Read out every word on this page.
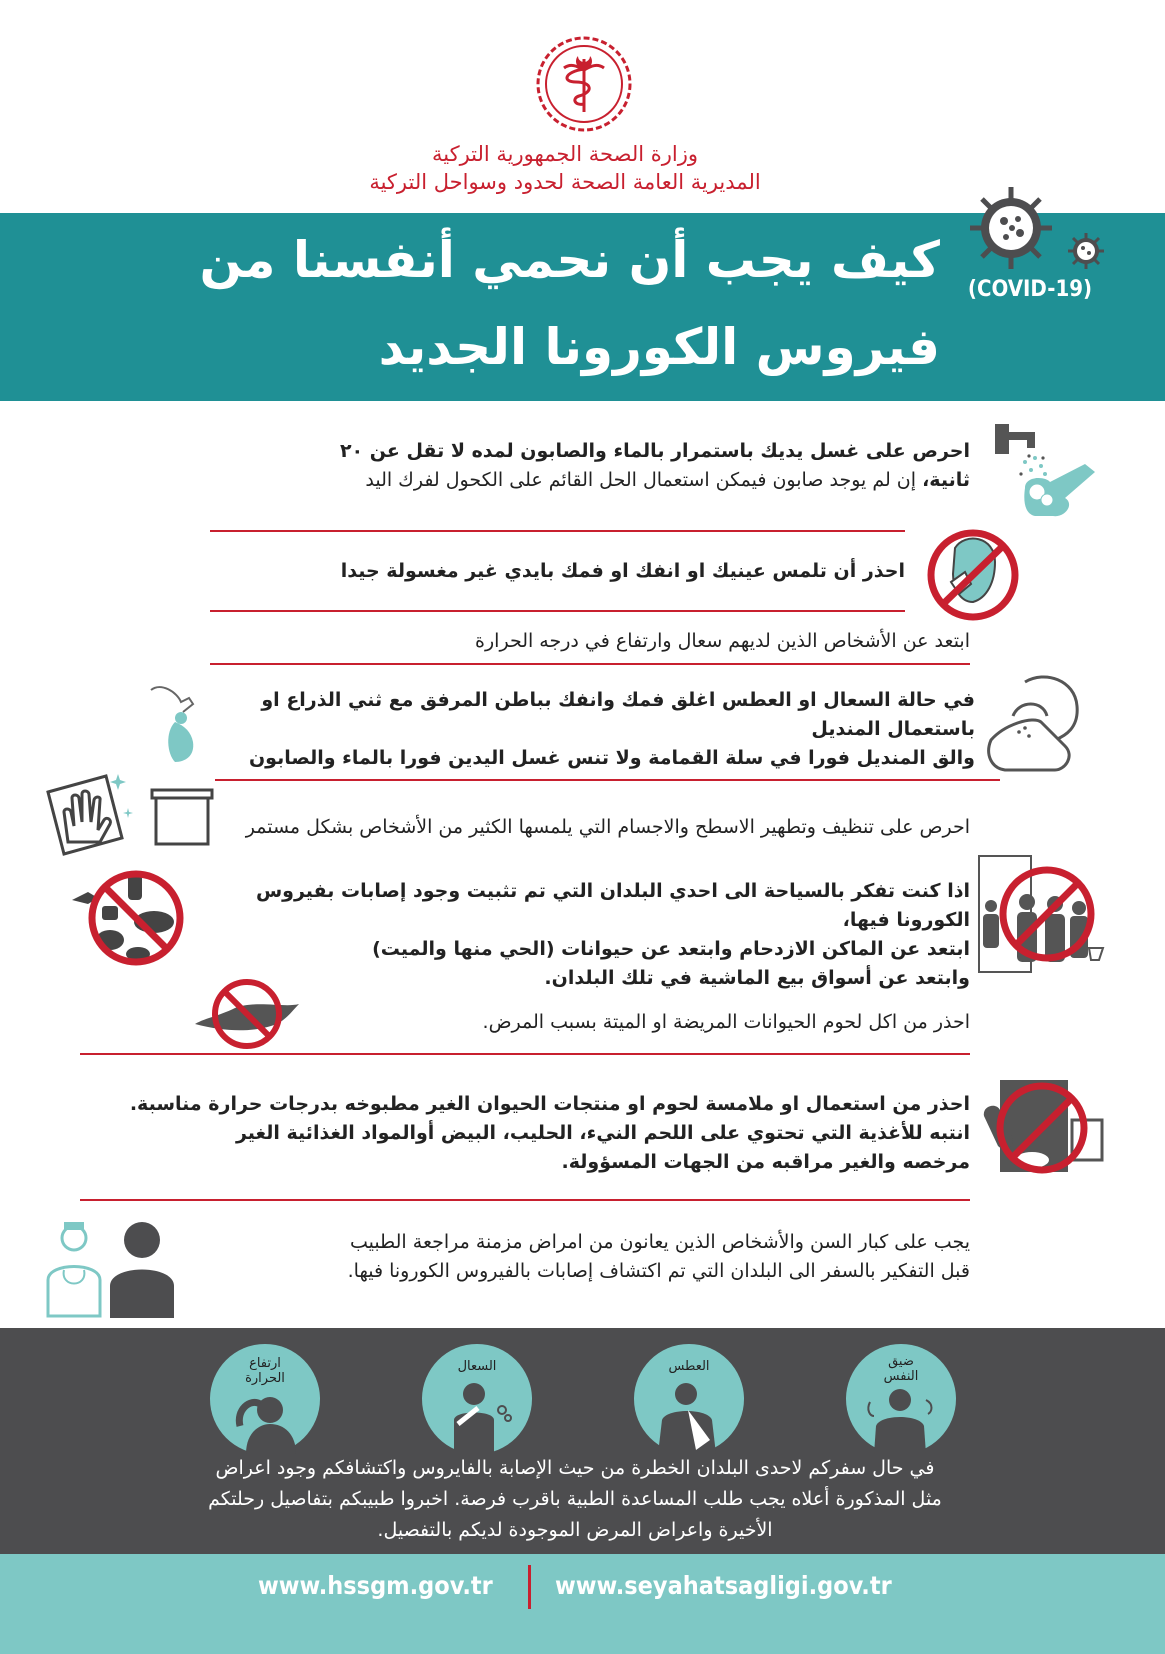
وزارة الصحة الجمهورية التركية
المديرية العامة الصحة لحدود وسواحل التركية
كيف يجب أن نحمي أنفسنا من
فيروس الكورونا الجديد
(COVID-19)
احرص على غسل يديك باستمرار بالماء والصابون لمده لا تقل عن ٢٠
ثانية، إن لم يوجد صابون فيمكن استعمال الحل القائم على الكحول لفرك اليد
احذر أن تلمس عينيك او انفك او فمك بايدي غير مغسولة جيدا
ابتعد عن الأشخاص الذين لديهم سعال وارتفاع في درجه الحرارة
في حالة السعال او العطس اغلق فمك وانفك بباطن المرفق مع ثني الذراع او باستعمال المنديل
والق المنديل فورا في سلة القمامة ولا تنس غسل اليدين فورا بالماء والصابون
احرص على تنظيف وتطهير الاسطح والاجسام التي يلمسها الكثير من الأشخاص بشكل مستمر
اذا كنت تفكر بالسياحة الى احدي البلدان التي تم تثبيت وجود إصابات بفيروس الكورونا فيها،
ابتعد عن الماكن الازدحام وابتعد عن حيوانات (الحي منها والميت)
وابتعد عن أسواق بيع الماشية في تلك البلدان.
احذر من اكل لحوم الحيوانات المريضة او الميتة بسبب المرض.
احذر من استعمال او ملامسة لحوم او منتجات الحيوان الغير مطبوخه بدرجات حرارة مناسبة.
انتبه للأغذية التي تحتوي على اللحم النيء، الحليب، البيض أوالمواد الغذائية الغير
مرخصه والغير مراقبه من الجهات المسؤولة.
يجب على كبار السن والأشخاص الذين يعانون من امراض مزمنة مراجعة الطبيب
قبل التفكير بالسفر الى البلدان التي تم اكتشاف إصابات بالفيروس الكورونا فيها.
ارتفاع الحرارة
السعال	العطس	ضيق النفس
في حال سفركم لاحدى البلدان الخطرة من حيث الإصابة بالفايروس واكتشافكم وجود اعراض
مثل المذكورة أعلاه يجب طلب المساعدة الطبية باقرب فرصة. اخبروا طبيبكم بتفاصيل رحلتكم
الأخيرة واعراض المرض الموجودة لديكم بالتفصيل.
www.hssgm.gov.tr www.seyahatsagligi.gov.tr
